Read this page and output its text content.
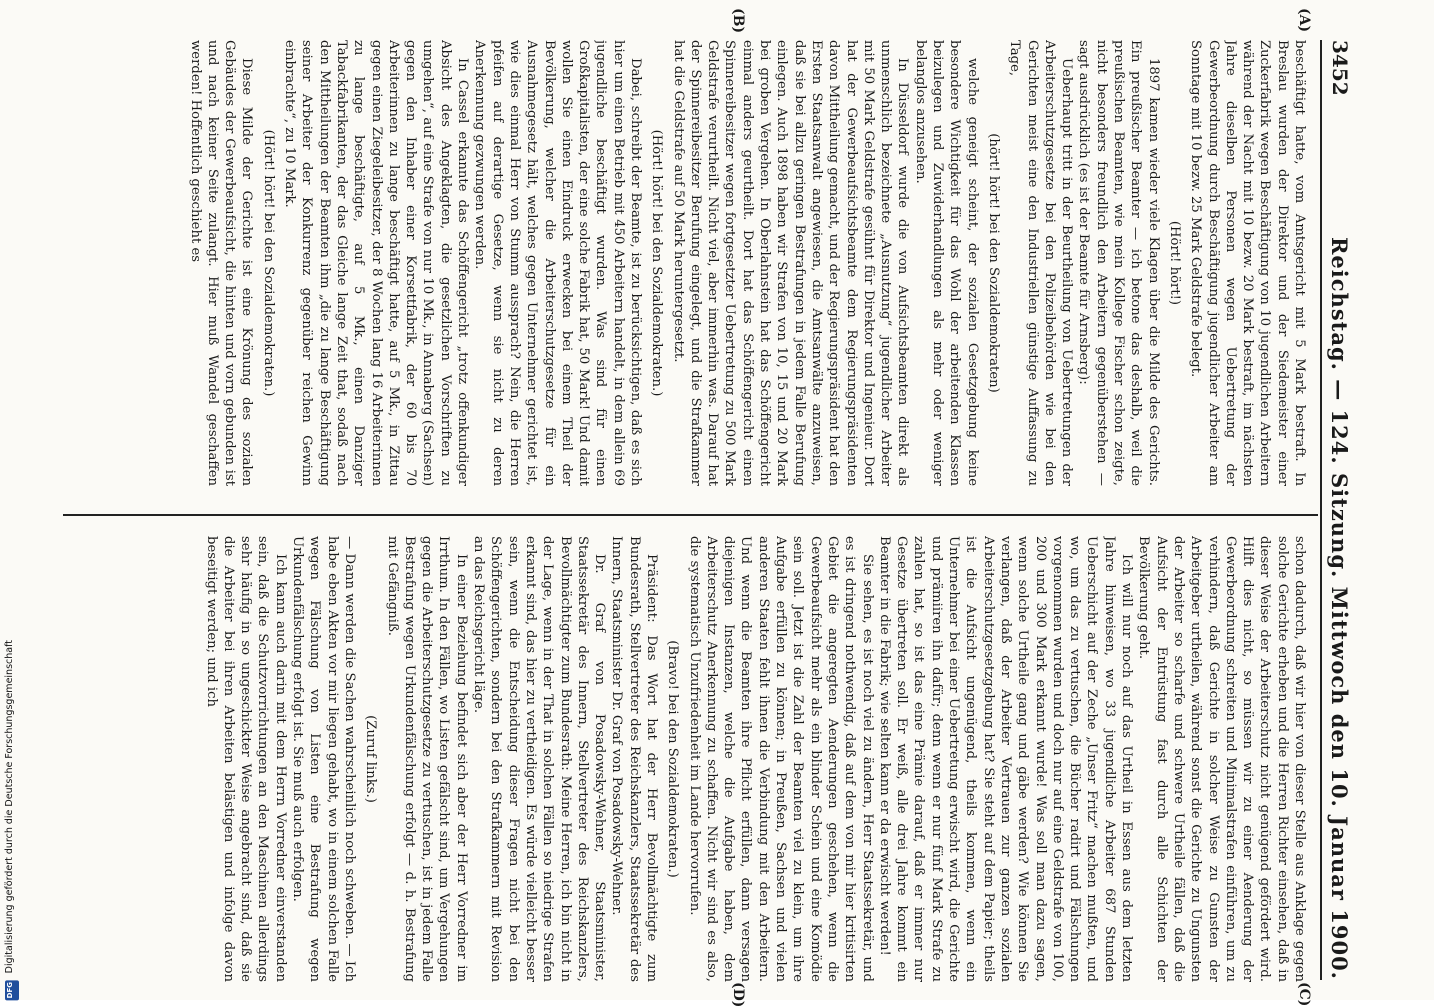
3452
Reichstag. — 124. Sitzung. Mittwoch den 10. Januar 1900.
(A)
(B)
(C)
(D)

beschäftigt hatte, vom Amtsgericht mit 5 Mark bestraft. In Breslau wurden der Direktor und der Siedemeister einer Zuckerfabrik wegen Beschäftigung von 10 jugendlichen Arbeitern während der Nacht mit 10 bezw. 20 Mark bestraft, im nächsten Jahre dieselben Personen wegen Uebertretung der Gewerbeordnung durch Beschäftigung jugendlicher Arbeiter am Sonntage mit 10 bezw. 25 Mark Geldstrafe belegt.

(Hört! hört!)

1897 kamen wieder viele Klagen über die Milde des Gerichts. Ein preußischer Beamter — ich betone das deshalb, weil die preußischen Beamten, wie mein Kollege Fischer schon zeigte, nicht besonders freundlich den Arbeitern gegenüberstehen — sagt ausdrücklich (es ist der Beamte für Arnsberg):

Ueberhaupt tritt in der Beurtheilung von Uebertretungen der Arbeiterschutzgesetze bei den Polizeibehörden wie bei den Gerichten meist eine den Industriellen günstige Auffassung zu Tage,

(hört! hört! bei den Sozialdemokraten)

welche geneigt scheint, der sozialen Gesetzgebung keine besondere Wichtigkeit für das Wohl der arbeitenden Klassen beizulegen und Zuwiderhandlungen als mehr oder weniger belanglos anzusehen.

In Düsseldorf wurde die von Aufsichtsbeamten direkt als unmenschlich bezeichnete „Ausnutzung“ jugendlicher Arbeiter mit 50 Mark Geldstrafe gesühnt für Direktor und Ingenieur. Dort hat der Gewerbeaufsichtsbeamte dem Regierungspräsidenten davon Mittheilung gemacht, und der Regierungspräsident hat den Ersten Staatsanwalt angewiesen, die Amtsanwälte anzuweisen, daß sie bei allzu geringen Bestrafungen in jedem Falle Berufung einlegen. Auch 1898 haben wir Strafen von 10, 15 und 20 Mark bei groben Vergehen. In Oberlahnstein hat das Schöffengericht einmal anders geurtheilt. Dort hat das Schöffengericht einen Spinnereibesitzer wegen fortgesetzter Uebertretung zu 500 Mark Geldstrafe verurtheilt. Nicht viel, aber immerhin was. Darauf hat der Spinnereibesitzer Berufung eingelegt, und die Strafkammer hat die Geldstrafe auf 50 Mark heruntergesetzt.

(Hört! hört! bei den Sozialdemokraten.)

Dabei, schreibt der Beamte, ist zu berücksichtigen, daß es sich hier um einen Betrieb mit 450 Arbeitern handelt, in dem allein 69 jugendliche beschäftigt wurden. Was sind für einen Großkapitalisten, der eine solche Fabrik hat, 50 Mark! Und damit wollen Sie einen Eindruck erwecken bei einem Theil der Bevölkerung, welcher die Arbeiterschutzgesetze für ein Ausnahmegesetz hält, welches gegen Unternehmer gerichtet ist, wie dies einmal Herr von Stumm aussprach? Nein, die Herren pfeifen auf derartige Gesetze, wenn sie nicht zu deren Anerkennung gezwungen werden.

In Cassel erkannte das Schöffengericht „trotz offenkundiger Absicht des Angeklagten, die gesetzlichen Vorschriften zu umgehen“, auf eine Strafe von nur 10 Mk., in Annaberg (Sachsen) gegen den Inhaber einer Korsettfabrik, der 60 bis 70 Arbeiterinnen zu lange beschäftigt hatte, auf 5 Mk., in Zittau gegen einen Ziegeleibesitzer, der 8 Wochen lang 16 Arbeiterinnen zu lange beschäftigte, auf 5 Mk., einen Danziger Tabackfabrikanten, der das Gleiche lange Zeit that, sodaß nach den Mittheilungen der Beamten ihm „die zu lange Beschäftigung seiner Arbeiter der Konkurrenz gegenüber reichen Gewinn einbrachte“, zu 10 Mark.

(Hört! hört! bei den Sozialdemokraten.)

Diese Milde der Gerichte ist eine Krönung des sozialen Gebäudes der Gewerbeaufsicht, die hinten und vorn gebunden ist und nach keiner Seite zulangt. Hier muß Wandel geschaffen werden! Hoffentlich geschieht es

schon dadurch, daß wir hier von dieser Stelle aus Anklage gegen solche Gerichte erheben und die Herren Richter einsehen, daß in dieser Weise der Arbeiterschutz nicht genügend gefördert wird. Hilft dies nicht, so müssen wir zu einer Aenderung der Gewerbeordnung schreiten und Minimalstrafen einführen, um zu verhindern, daß Gerichte in solcher Weise zu Gunsten der Arbeitgeber urtheilen, während sonst die Gerichte zu Ungunsten der Arbeiter so scharfe und schwere Urtheile fällen, daß die Aufsicht der Entrüstung fast durch alle Schichten der Bevölkerung geht.

Ich will nur noch auf das Urtheil in Essen aus dem letzten Jahre hinweisen, wo 33 jugendliche Arbeiter 687 Stunden Ueberschicht auf der Zeche „Unser Fritz“ machen mußten, und wo, um das zu vertuschen, die Bücher radirt und Fälschungen vorgenommen wurden und doch nur auf eine Geldstrafe von 100, 200 und 300 Mark erkannt wurde! Was soll man dazu sagen, wenn solche Urtheile gang und gäbe werden? Wie können Sie verlangen, daß der Arbeiter Vertrauen zur ganzen sozialen Arbeiterschutzgesetzgebung hat? Sie steht auf dem Papier; theils ist die Aufsicht ungenügend, theils kommen, wenn ein Unternehmer bei einer Uebertretung erwischt wird, die Gerichte und prämiiren ihn dafür; denn wenn er nur fünf Mark Strafe zu zahlen hat, so ist das eine Prämie darauf, daß er immer nur Gesetze übertreten soll. Er weiß, alle drei Jahre kommt ein Beamter in die Fabrik; wie selten kann er da erwischt werden!

Sie sehen, es ist noch viel zu ändern, Herr Staatssekretär, und es ist dringend nothwendig, daß auf dem von mir hier kritisirten Gebiet die angeregten Aenderungen geschehen, wenn die Gewerbeaufsicht mehr als ein blinder Schein und eine Komödie sein soll. Jetzt ist die Zahl der Beamten viel zu klein, um ihre Aufgabe erfüllen zu können; in Preußen, Sachsen und vielen anderen Staaten fehlt ihnen die Verbindung mit den Arbeitern. Und wenn die Beamten ihre Pflicht erfüllen, dann versagen diejenigen Instanzen, welche die Aufgabe haben, dem Arbeiterschutz Anerkennung zu schaffen. Nicht wir sind es also, die systematisch Unzufriedenheit im Lande hervorrufen.

(Bravo! bei den Sozialdemokraten.)

Präsident: Das Wort hat der Herr Bevollmächtigte zum Bundesrath, Stellvertreter des Reichskanzlers, Staatssekretär des Innern, Staatsminister Dr. Graf von Posadowsky-Wehner.

Dr. Graf von Posadowsky-Wehner, Staatsminister, Staatssekretär des Innern, Stellvertreter des Reichskanzlers, Bevollmächtigter zum Bundesrath: Meine Herren, ich bin nicht in der Lage, wenn in der That in solchen Fällen so niedrige Strafen erkannt sind, das hier zu vertheidigen. Es würde vielleicht besser sein, wenn die Entscheidung dieser Fragen nicht bei den Schöffengerichten, sondern bei den Strafkammern mit Revision an das Reichsgericht läge.

In einer Beziehung befindet sich aber der Herr Vorredner im Irrthum. In den Fällen, wo Listen gefälscht sind, um Vergehungen gegen die Arbeiterschutzgesetze zu vertuschen, ist in jedem Falle Bestrafung wegen Urkundenfälschung erfolgt — d. h. Bestrafung mit Gefängniß.

(Zuruf links.)

— Dann werden die Sachen wahrscheinlich noch schweben. — Ich habe eben Akten vor mir liegen gehabt, wo in einem solchen Falle wegen Fälschung von Listen eine Bestrafung wegen Urkundenfälschung erfolgt ist. Sie muß auch erfolgen.

Ich kann auch darin mit dem Herrn Vorredner einverstanden sein, daß die Schutzvorrichtungen an den Maschinen allerdings sehr häufig in so ungeschickter Weise angebracht sind, daß sie die Arbeiter bei ihren Arbeiten belästigen und infolge davon beseitigt werden; und ich

DFG Digitalisierung gefördert durch die Deutsche Forschungsgemeinschaft
